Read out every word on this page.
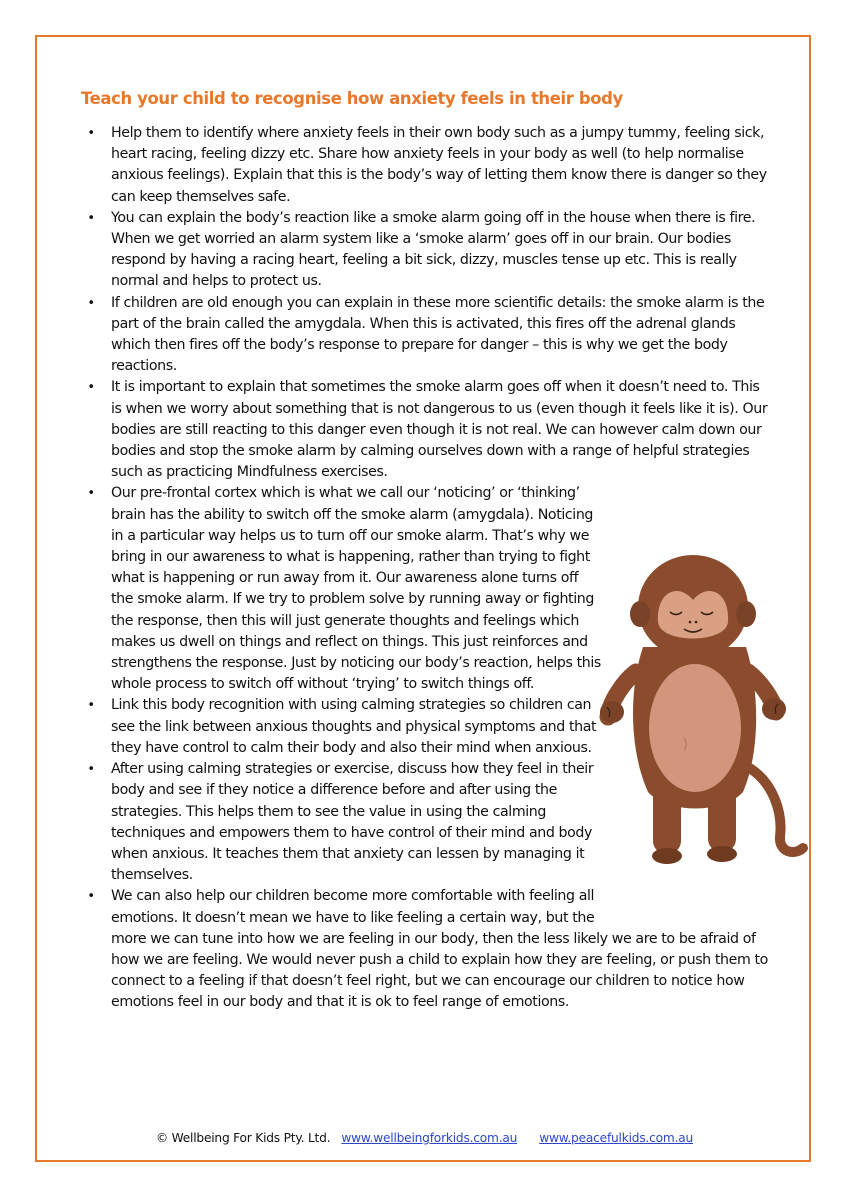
Teach your child to recognise how anxiety feels in their body
• Help them to identify where anxiety feels in their own body such as a jumpy tummy, feeling sick, heart racing, feeling dizzy etc. Share how anxiety feels in your body as well (to help normalise anxious feelings). Explain that this is the body’s way of letting them know there is danger so they can keep themselves safe.
• You can explain the body’s reaction like a smoke alarm going off in the house when there is fire. When we get worried an alarm system like a ‘smoke alarm’ goes off in our brain. Our bodies respond by having a racing heart, feeling a bit sick, dizzy, muscles tense up etc. This is really normal and helps to protect us.
• If children are old enough you can explain in these more scientific details: the smoke alarm is the part of the brain called the amygdala. When this is activated, this fires off the adrenal glands which then fires off the body’s response to prepare for danger – this is why we get the body reactions.
• It is important to explain that sometimes the smoke alarm goes off when it doesn’t need to. This is when we worry about something that is not dangerous to us (even though it feels like it is). Our bodies are still reacting to this danger even though it is not real. We can however calm down our bodies and stop the smoke alarm by calming ourselves down with a range of helpful strategies such as practicing Mindfulness exercises.
• Our pre-frontal cortex which is what we call our ‘noticing’ or ‘thinking’ brain has the ability to switch off the smoke alarm (amygdala). Noticing in a particular way helps us to turn off our smoke alarm. That’s why we bring in our awareness to what is happening, rather than trying to fight what is happening or run away from it. Our awareness alone turns off the smoke alarm. If we try to problem solve by running away or fighting the response, then this will just generate thoughts and feelings which makes us dwell on things and reflect on things. This just reinforces and strengthens the response. Just by noticing our body’s reaction, helps this whole process to switch off without ‘trying’ to switch things off.
• Link this body recognition with using calming strategies so children can see the link between anxious thoughts and physical symptoms and that they have control to calm their body and also their mind when anxious.
• After using calming strategies or exercise, discuss how they feel in their body and see if they notice a difference before and after using the strategies. This helps them to see the value in using the calming techniques and empowers them to have control of their mind and body when anxious. It teaches them that anxiety can lessen by managing it themselves.
• We can also help our children become more comfortable with feeling all emotions. It doesn’t mean we have to like feeling a certain way, but the more we can tune into how we are feeling in our body, then the less likely we are to be afraid of how we are feeling. We would never push a child to explain how they are feeling, or push them to connect to a feeling if that doesn’t feel right, but we can encourage our children to notice how emotions feel in our body and that it is ok to feel range of emotions.
© Wellbeing For Kids Pty. Ltd. www.wellbeingforkids.com.au www.peacefulkids.com.au
